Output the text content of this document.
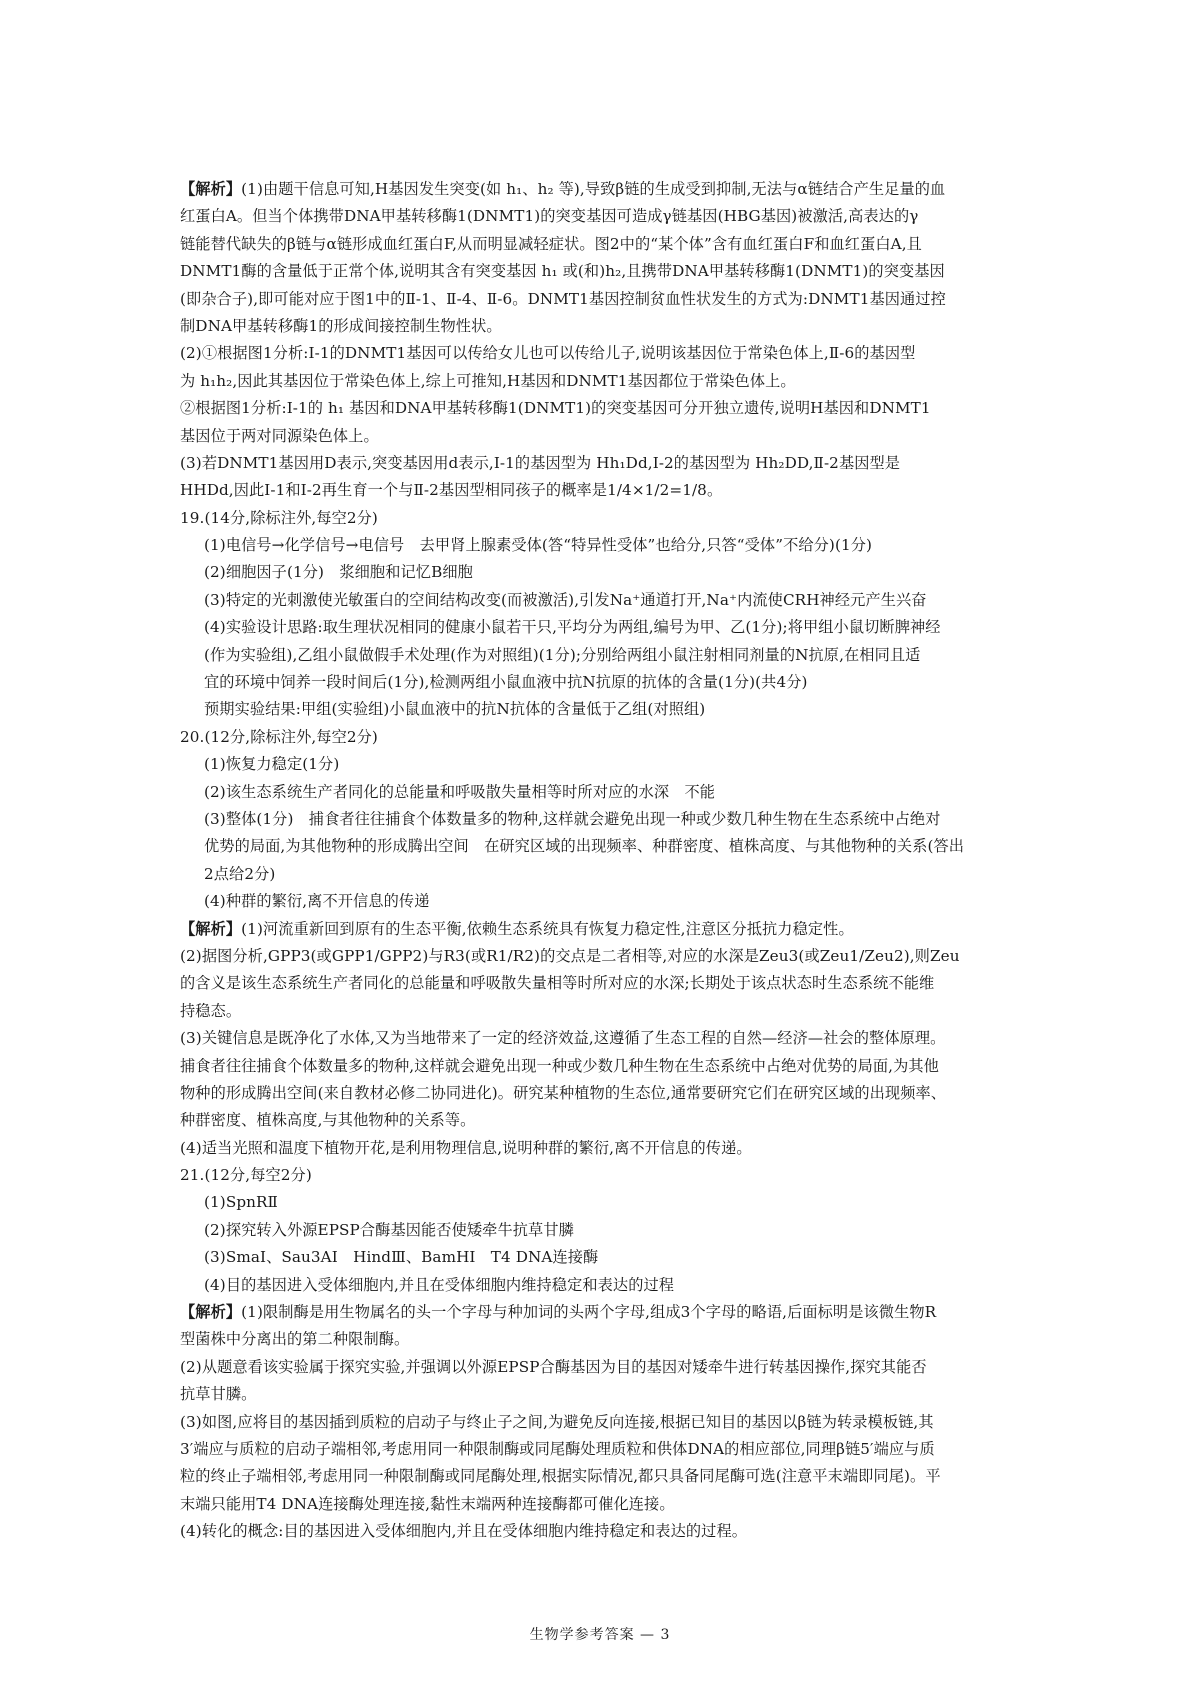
【解析】(1)由题干信息可知,H基因发生突变(如 h₁、h₂ 等),导致β链的生成受到抑制,无法与α链结合产生足量的血
红蛋白A。但当个体携带DNA甲基转移酶1(DNMT1)的突变基因可造成γ链基因(HBG基因)被激活,高表达的γ
链能替代缺失的β链与α链形成血红蛋白F,从而明显减轻症状。图2中的“某个体”含有血红蛋白F和血红蛋白A,且
DNMT1酶的含量低于正常个体,说明其含有突变基因 h₁ 或(和)h₂,且携带DNA甲基转移酶1(DNMT1)的突变基因
(即杂合子),即可能对应于图1中的Ⅱ-1、Ⅱ-4、Ⅱ-6。DNMT1基因控制贫血性状发生的方式为:DNMT1基因通过控
制DNA甲基转移酶1的形成间接控制生物性状。
(2)①根据图1分析:Ⅰ-1的DNMT1基因可以传给女儿也可以传给儿子,说明该基因位于常染色体上,Ⅱ-6的基因型
为 h₁h₂,因此其基因位于常染色体上,综上可推知,H基因和DNMT1基因都位于常染色体上。
②根据图1分析:Ⅰ-1的 h₁ 基因和DNA甲基转移酶1(DNMT1)的突变基因可分开独立遗传,说明H基因和DNMT1
基因位于两对同源染色体上。
(3)若DNMT1基因用D表示,突变基因用d表示,Ⅰ-1的基因型为 Hh₁Dd,Ⅰ-2的基因型为 Hh₂DD,Ⅱ-2基因型是
HHDd,因此Ⅰ-1和Ⅰ-2再生育一个与Ⅱ-2基因型相同孩子的概率是1/4×1/2=1/8。
19.(14分,除标注外,每空2分)
(1)电信号→化学信号→电信号　去甲肾上腺素受体(答“特异性受体”也给分,只答“受体”不给分)(1分)
(2)细胞因子(1分)　浆细胞和记忆B细胞
(3)特定的光刺激使光敏蛋白的空间结构改变(而被激活),引发Na⁺通道打开,Na⁺内流使CRH神经元产生兴奋
(4)实验设计思路:取生理状况相同的健康小鼠若干只,平均分为两组,编号为甲、乙(1分);将甲组小鼠切断脾神经
(作为实验组),乙组小鼠做假手术处理(作为对照组)(1分);分别给两组小鼠注射相同剂量的N抗原,在相同且适
宜的环境中饲养一段时间后(1分),检测两组小鼠血液中抗N抗原的抗体的含量(1分)(共4分)
预期实验结果:甲组(实验组)小鼠血液中的抗N抗体的含量低于乙组(对照组)
20.(12分,除标注外,每空2分)
(1)恢复力稳定(1分)
(2)该生态系统生产者同化的总能量和呼吸散失量相等时所对应的水深　不能
(3)整体(1分)　捕食者往往捕食个体数量多的物种,这样就会避免出现一种或少数几种生物在生态系统中占绝对
优势的局面,为其他物种的形成腾出空间　在研究区域的出现频率、种群密度、植株高度、与其他物种的关系(答出
2点给2分)
(4)种群的繁衍,离不开信息的传递
【解析】(1)河流重新回到原有的生态平衡,依赖生态系统具有恢复力稳定性,注意区分抵抗力稳定性。
(2)据图分析,GPP3(或GPP1/GPP2)与R3(或R1/R2)的交点是二者相等,对应的水深是Zeu3(或Zeu1/Zeu2),则Zeu
的含义是该生态系统生产者同化的总能量和呼吸散失量相等时所对应的水深;长期处于该点状态时生态系统不能维
持稳态。
(3)关键信息是既净化了水体,又为当地带来了一定的经济效益,这遵循了生态工程的自然—经济—社会的整体原理。
捕食者往往捕食个体数量多的物种,这样就会避免出现一种或少数几种生物在生态系统中占绝对优势的局面,为其他
物种的形成腾出空间(来自教材必修二协同进化)。研究某种植物的生态位,通常要研究它们在研究区域的出现频率、
种群密度、植株高度,与其他物种的关系等。
(4)适当光照和温度下植物开花,是利用物理信息,说明种群的繁衍,离不开信息的传递。
21.(12分,每空2分)
(1)SpnRⅡ
(2)探究转入外源EPSP合酶基因能否使矮牵牛抗草甘膦
(3)SmaⅠ、Sau3AⅠ　HindⅢ、BamHⅠ　T4 DNA连接酶
(4)目的基因进入受体细胞内,并且在受体细胞内维持稳定和表达的过程
【解析】(1)限制酶是用生物属名的头一个字母与种加词的头两个字母,组成3个字母的略语,后面标明是该微生物R
型菌株中分离出的第二种限制酶。
(2)从题意看该实验属于探究实验,并强调以外源EPSP合酶基因为目的基因对矮牵牛进行转基因操作,探究其能否
抗草甘膦。
(3)如图,应将目的基因插到质粒的启动子与终止子之间,为避免反向连接,根据已知目的基因以β链为转录模板链,其
3′端应与质粒的启动子端相邻,考虑用同一种限制酶或同尾酶处理质粒和供体DNA的相应部位,同理β链5′端应与质
粒的终止子端相邻,考虑用同一种限制酶或同尾酶处理,根据实际情况,都只具备同尾酶可选(注意平末端即同尾)。平
末端只能用T4 DNA连接酶处理连接,黏性末端两种连接酶都可催化连接。
(4)转化的概念:目的基因进入受体细胞内,并且在受体细胞内维持稳定和表达的过程。
生物学参考答案 — 3
